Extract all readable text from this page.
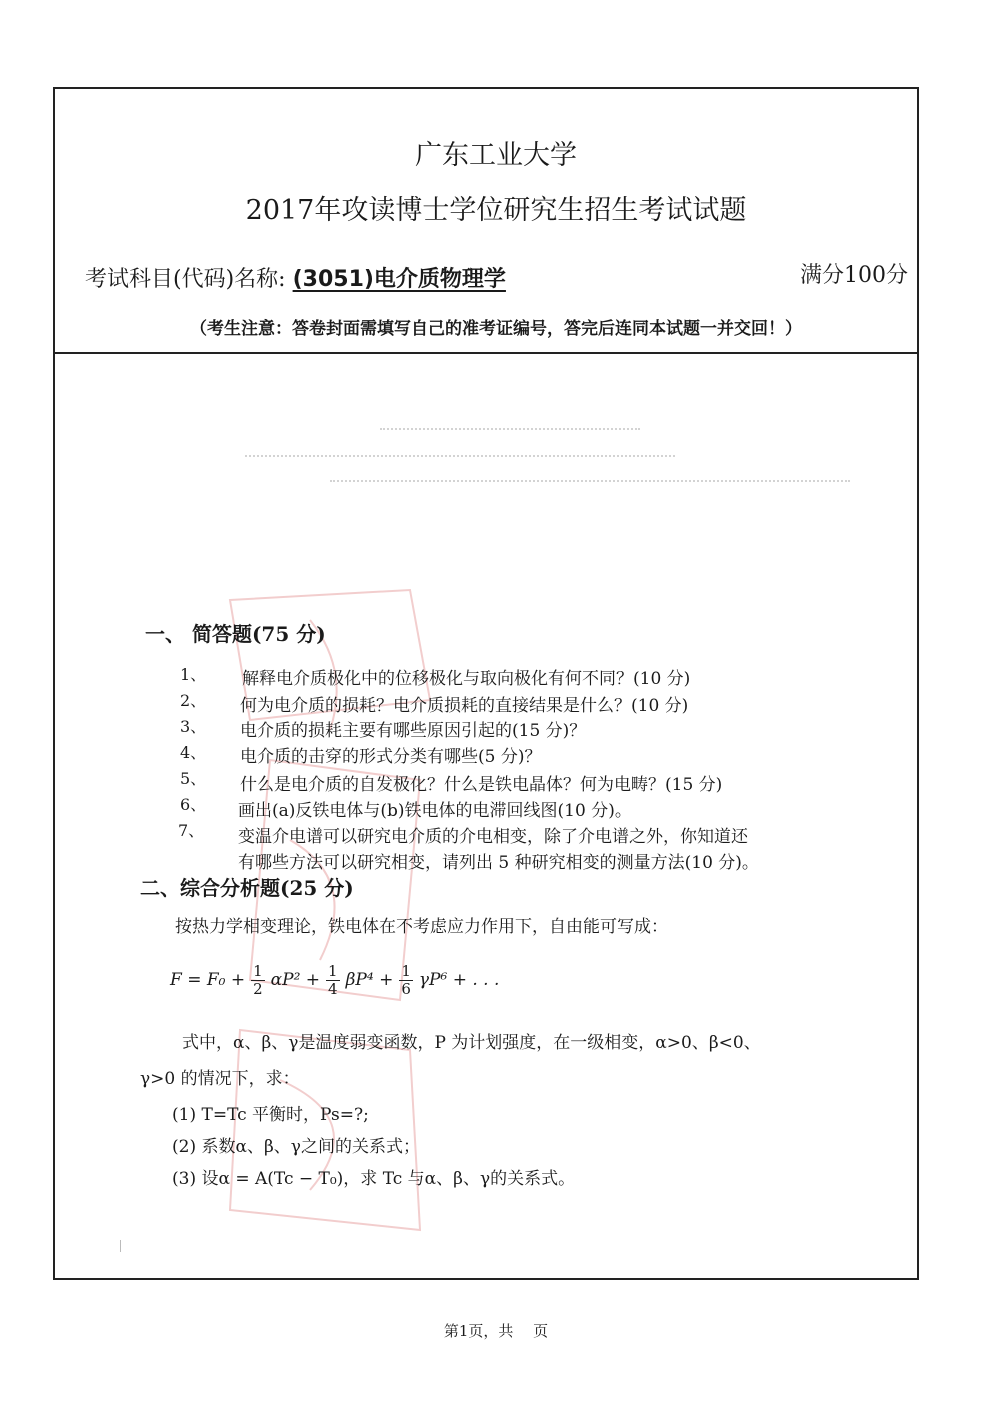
广东工业大学
2017年攻读博士学位研究生招生考试试题
考试科目(代码)名称: (3051)电介质物理学	满分100分
（考生注意：答卷封面需填写自己的准考证编号，答完后连同本试题一并交回！）
一、 简答题(75 分)
1、 解释电介质极化中的位移极化与取向极化有何不同？(10 分)
2、 何为电介质的损耗？电介质损耗的直接结果是什么？(10 分)
3、 电介质的损耗主要有哪些原因引起的(15 分)？
4、 电介质的击穿的形式分类有哪些(5 分)？
5、 什么是电介质的自发极化？什么是铁电晶体？何为电畴？(15 分)
6、 画出(a)反铁电体与(b)铁电体的电滞回线图(10 分)。
7、 变温介电谱可以研究电介质的介电相变，除了介电谱之外，你知道还
有哪些方法可以研究相变，请列出 5 种研究相变的测量方法(10 分)。
二、综合分析题(25 分)
按热力学相变理论，铁电体在不考虑应力作用下，自由能可写成：
$F = F_0 + \frac{1}{2} \alpha P^2 + \frac{1}{4} \beta P^4 + \frac{1}{6} \gamma P^6$ + . . .
式中，α、β、γ是温度弱变函数，P 为计划强度，在一级相变，α>0、β<0、
γ>0 的情况下，求：
(1) T=Tc 平衡时，Ps=?;
(2) 系数α、β、γ之间的关系式；
(3) 设α = A(Tc − T₀)，求 Tc 与α、β、γ的关系式。
第1页，共　 页
